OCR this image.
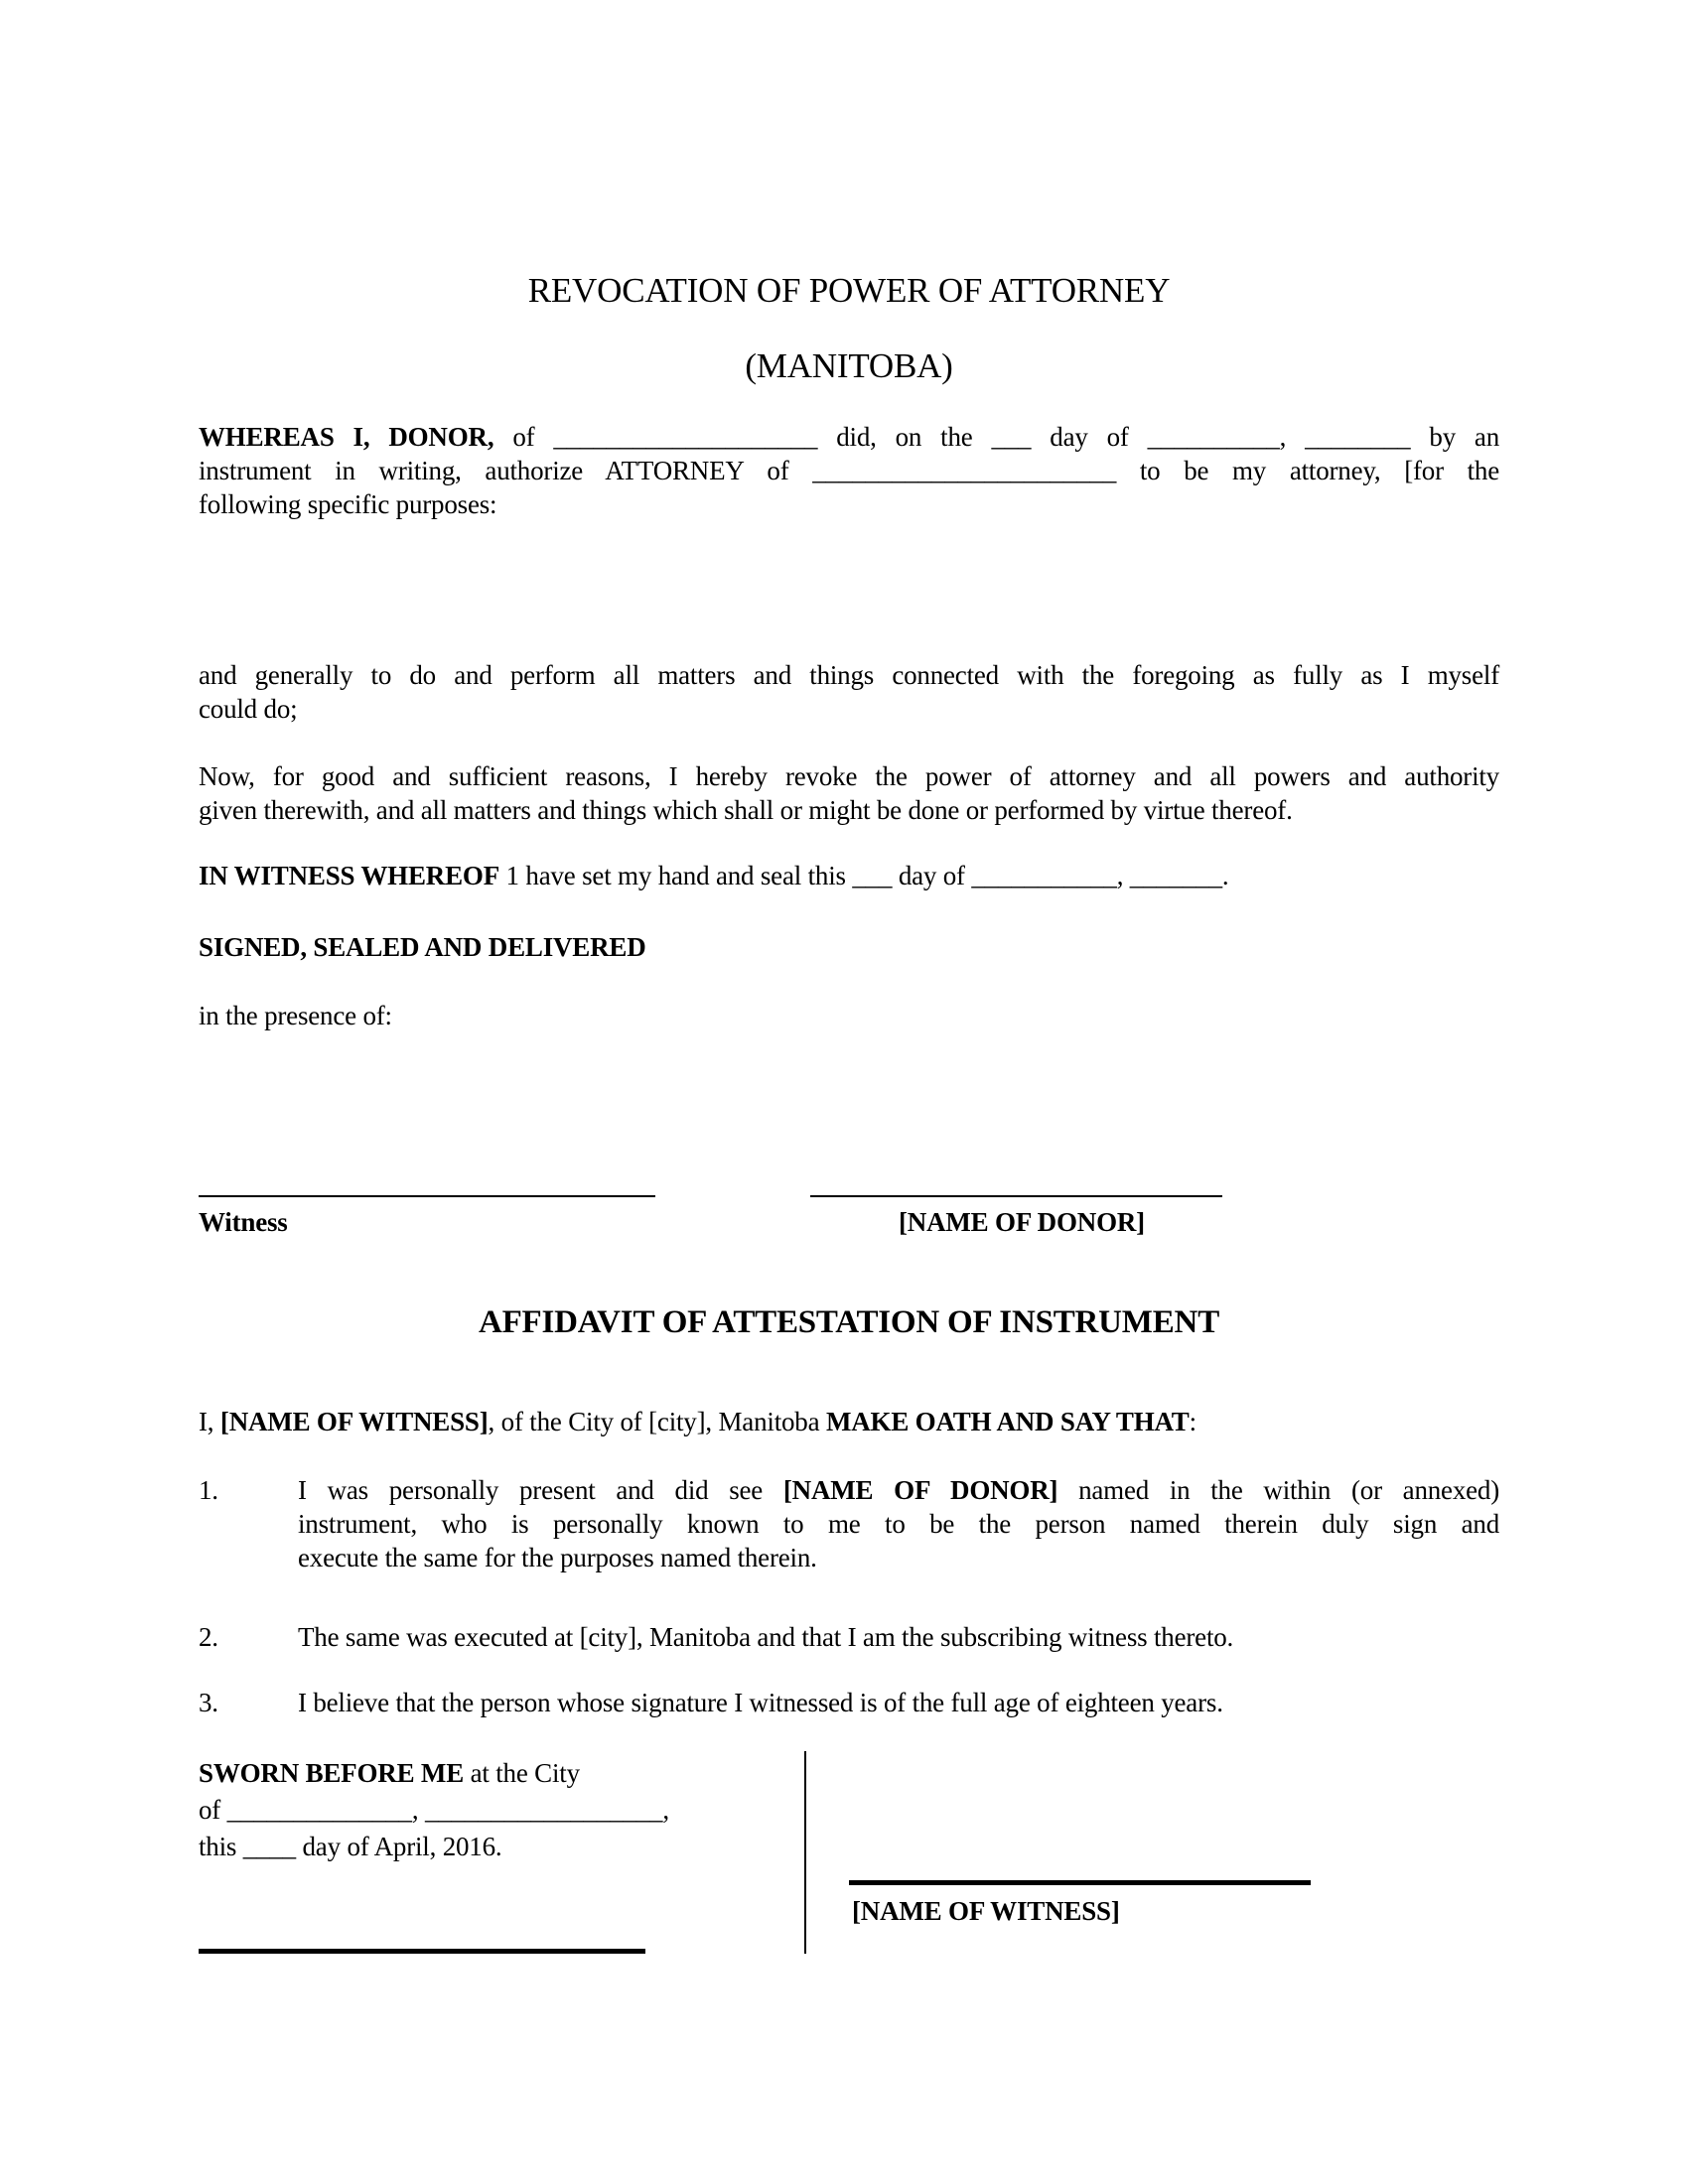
REVOCATION OF POWER OF ATTORNEY
(MANITOBA)
WHEREAS I, DONOR, of ____________________ did, on the ___ day of __________, ________ by an
instrument in writing, authorize ATTORNEY of _______________________ to be my attorney, [for the
following specific purposes:
and generally to do and perform all matters and things connected with the foregoing as fully as I myself
could do;
Now, for good and sufficient reasons, I hereby revoke the power of attorney and all powers and authority
given therewith, and all matters and things which shall or might be done or performed by virtue thereof.
IN WITNESS WHEREOF 1 have set my hand and seal this ___ day of ___________, _______.
SIGNED, SEALED AND DELIVERED
in the presence of:
Witness	[NAME OF DONOR]
AFFIDAVIT OF ATTESTATION OF INSTRUMENT
I, [NAME OF WITNESS], of the City of [city], Manitoba MAKE OATH AND SAY THAT:
1.	I was personally present and did see [NAME OF DONOR] named in the within (or annexed)
instrument, who is personally known to me to be the person named therein duly sign and
execute the same for the purposes named therein.
2.	The same was executed at [city], Manitoba and that I am the subscribing witness thereto.
3.	I believe that the person whose signature I witnessed is of the full age of eighteen years.
SWORN BEFORE ME at the City
of ______________, __________________,
this ____ day of April, 2016.
[NAME OF WITNESS]
